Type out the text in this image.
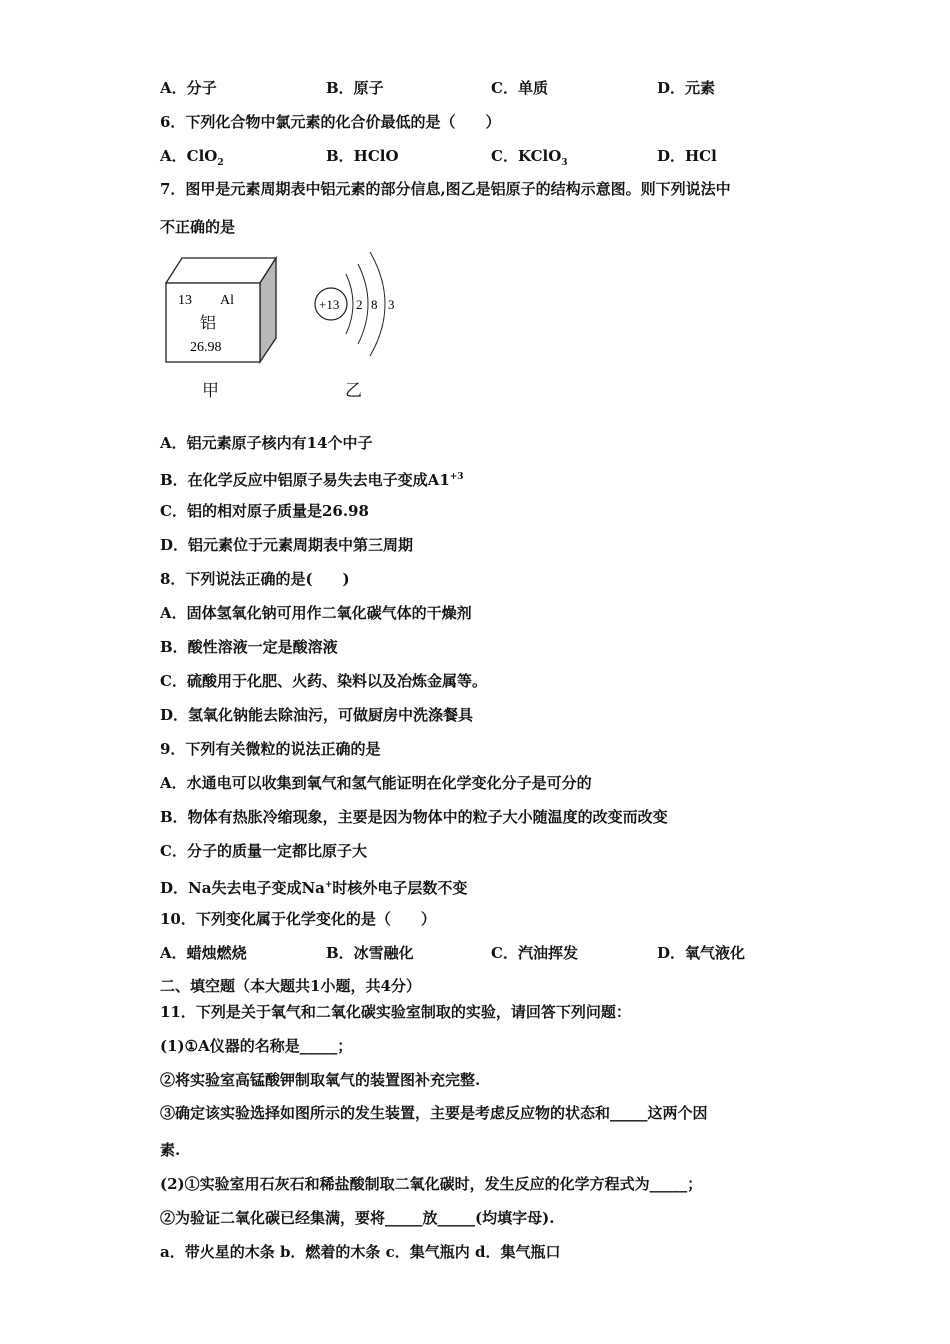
A．分子	B．原子	C．单质	D．元素
6．下列化合物中氯元素的化合价最低的是（　　）
A．ClO$_2$	B．HClO	C．KClO$_3$	D．HCl
7．图甲是元素周期表中铝元素的部分信息,图乙是铝原子的结构示意图。则下列说法中
不正确的是
13 Al
铝
26.98
+13 2 8 3
甲	乙
A．铝元素原子核内有14个中子
B．在化学反应中铝原子易失去电子变成$A1^{+3}$
C．铝的相对原子质量是26.98
D．铝元素位于元素周期表中第三周期
8．下列说法正确的是(　　)
A．固体氢氧化钠可用作二氧化碳气体的干燥剂
B．酸性溶液一定是酸溶液
C．硫酸用于化肥、火药、染料以及冶炼金属等。
D．氢氧化钠能去除油污，可做厨房中洗涤餐具
9．下列有关微粒的说法正确的是
A．水通电可以收集到氧气和氢气能证明在化学变化分子是可分的
B．物体有热胀冷缩现象，主要是因为物体中的粒子大小随温度的改变而改变
C．分子的质量一定都比原子大
D．Na失去电子变成Na+时核外电子层数不变
10．下列变化属于化学变化的是（　　）
A．蜡烛燃烧	B．冰雪融化	C．汽油挥发	D．氧气液化
二、填空题（本大题共1小题，共4分）
11．下列是关于氧气和二氧化碳实验室制取的实验，请回答下列问题：
(1)①A仪器的名称是_____；
②将实验室高锰酸钾制取氧气的装置图补充完整.
③确定该实验选择如图所示的发生装置，主要是考虑反应物的状态和_____这两个因
素.
(2)①实验室用石灰石和稀盐酸制取二氧化碳时，发生反应的化学方程式为_____；
②为验证二氧化碳已经集满，要将_____放_____(均填字母).
a．带火星的木条 b．燃着的木条 c．集气瓶内 d．集气瓶口
